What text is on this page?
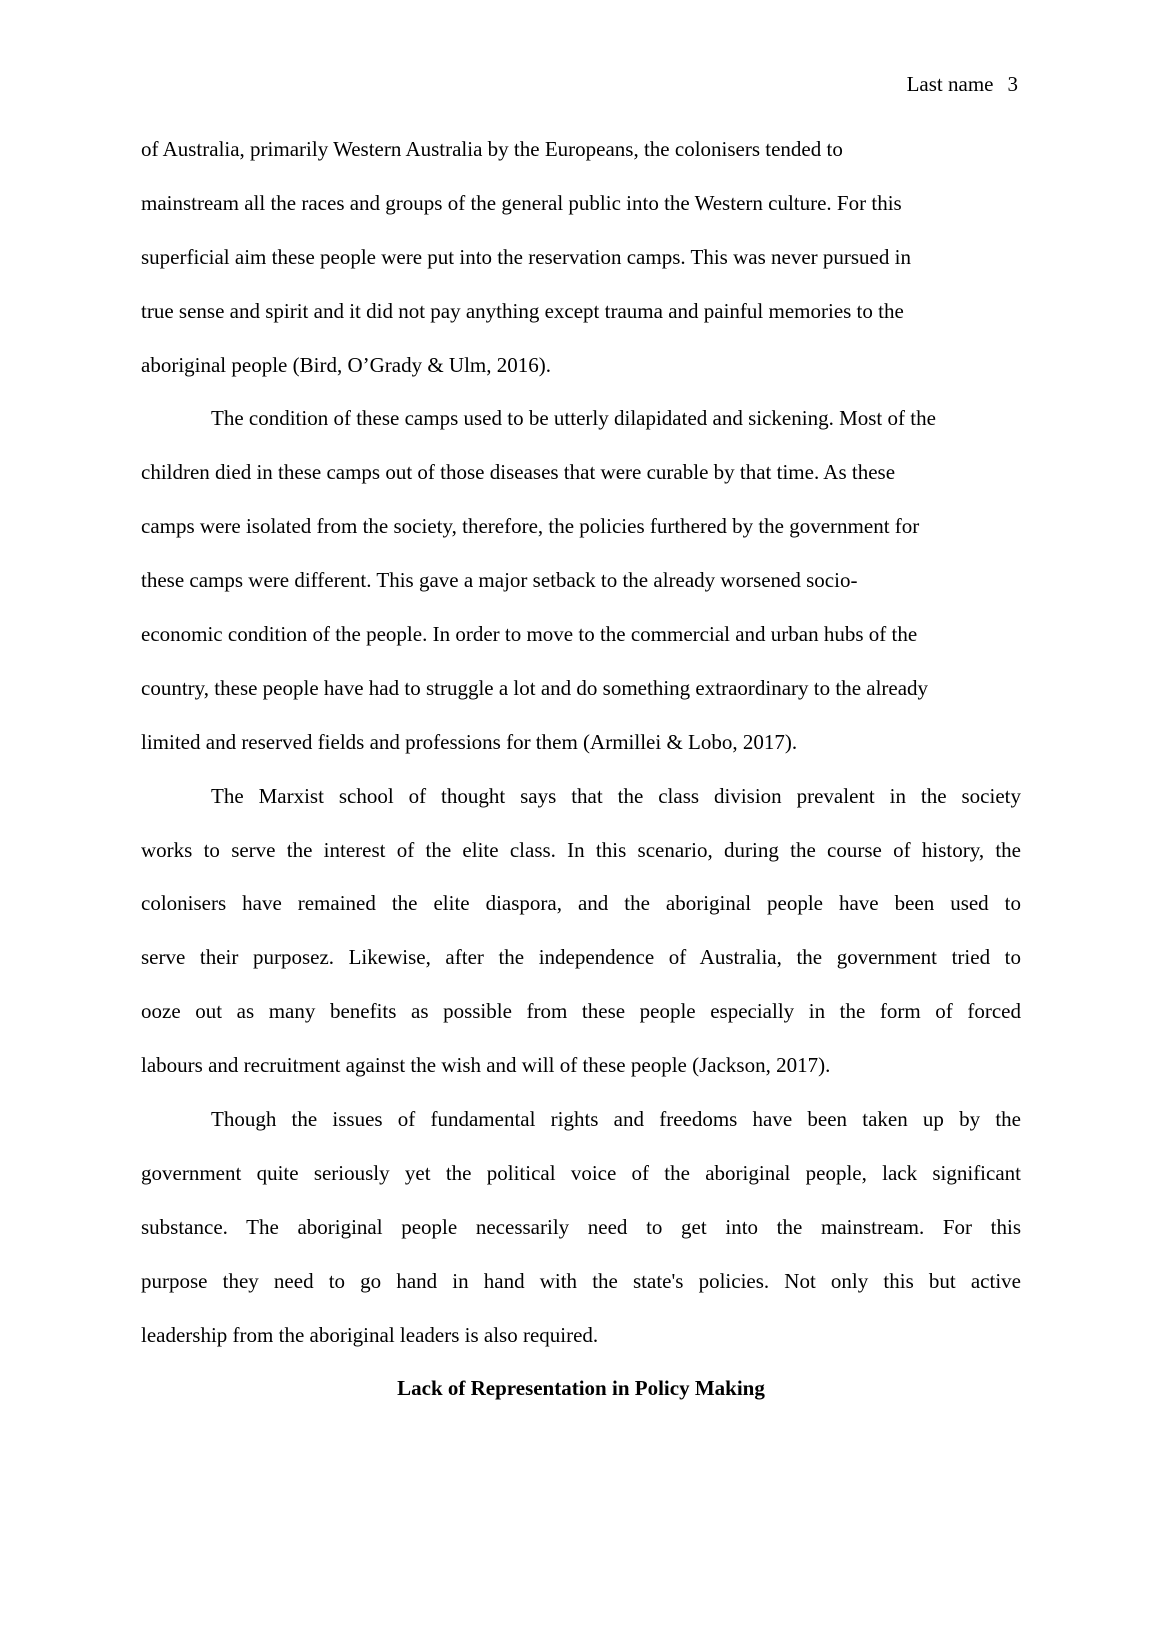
Last name 3
of Australia, primarily Western Australia by the Europeans, the colonisers tended to
mainstream all the races and groups of the general public into the Western culture. For this
superficial aim these people were put into the reservation camps. This was never pursued in
true sense and spirit and it did not pay anything except trauma and painful memories to the
aboriginal people (Bird, O’Grady & Ulm, 2016).
The condition of these camps used to be utterly dilapidated and sickening. Most of the
children died in these camps out of those diseases that were curable by that time. As these
camps were isolated from the society, therefore, the policies furthered by the government for
these camps were different. This gave a major setback to the already worsened socio-
economic condition of the people. In order to move to the commercial and urban hubs of the
country, these people have had to struggle a lot and do something extraordinary to the already
limited and reserved fields and professions for them (Armillei & Lobo, 2017).
The Marxist school of thought says that the class division prevalent in the society
works to serve the interest of the elite class. In this scenario, during the course of history, the
colonisers have remained the elite diaspora, and the aboriginal people have been used to
serve their purposez. Likewise, after the independence of Australia, the government tried to
ooze out as many benefits as possible from these people especially in the form of forced
labours and recruitment against the wish and will of these people (Jackson, 2017).
Though the issues of fundamental rights and freedoms have been taken up by the
government quite seriously yet the political voice of the aboriginal people, lack significant
substance. The aboriginal people necessarily need to get into the mainstream. For this
purpose they need to go hand in hand with the state's policies. Not only this but active
leadership from the aboriginal leaders is also required.
Lack of Representation in Policy Making
